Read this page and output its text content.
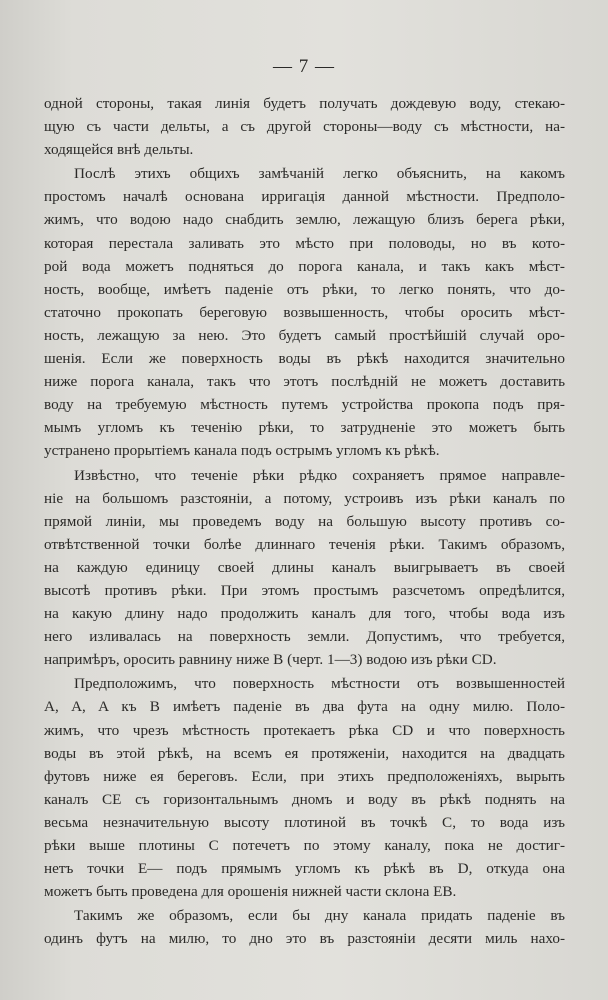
— 7 —
одной стороны, такая линія будетъ получать дождевую воду, стекаю-
щую съ части дельты, а съ другой стороны—воду съ мѣстности, на-
ходящейся внѣ дельты.
Послѣ этихъ общихъ замѣчаній легко объяснить, на какомъ
простомъ началѣ основана ирригація данной мѣстности. Предполо-
жимъ, что водою надо снабдить землю, лежащую близъ берега рѣки,
которая перестала заливать это мѣсто при половоды, но въ кото-
рой вода можетъ подняться до порога канала, и такъ какъ мѣст-
ность, вообще, имѣетъ паденіе отъ рѣки, то легко понять, что до-
статочно прокопать береговую возвышенность, чтобы оросить мѣст-
ность, лежащую за нею. Это будетъ самый простѣйшій случай оро-
шенія. Если же поверхность воды въ рѣкѣ находится значительно
ниже порога канала, такъ что этотъ послѣдній не можетъ доставить
воду на требуемую мѣстность путемъ устройства прокопа подъ пря-
мымъ угломъ къ теченію рѣки, то затрудненіе это можетъ быть
устранено прорытіемъ канала подъ острымъ угломъ къ рѣкѣ.
Извѣстно, что теченіе рѣки рѣдко сохраняетъ прямое направле-
ніе на большомъ разстояніи, а потому, устроивъ изъ рѣки каналъ по
прямой линіи, мы проведемъ воду на большую высоту противъ со-
отвѣтственной точки болѣе длиннаго теченія рѣки. Такимъ образомъ,
на каждую единицу своей длины каналъ выигрываетъ въ своей
высотѣ противъ рѣки. При этомъ простымъ разсчетомъ опредѣлится,
на какую длину надо продолжить каналъ для того, чтобы вода изъ
него изливалась на поверхность земли. Допустимъ, что требуется,
напримѣръ, оросить равнину ниже B (черт. 1—3) водою изъ рѣки CD.
Предположимъ, что поверхность мѣстности отъ возвышенностей
A, A, A къ B имѣетъ паденіе въ два фута на одну милю. Поло-
жимъ, что чрезъ мѣстность протекаетъ рѣка CD и что поверхность
воды въ этой рѣкѣ, на всемъ ея протяженіи, находится на двадцать
футовъ ниже ея береговъ. Если, при этихъ предположеніяхъ, вырыть
каналъ CE съ горизонтальнымъ дномъ и воду въ рѣкѣ поднять на
весьма незначительную высоту плотиной въ точкѣ C, то вода изъ
рѣки выше плотины C потечетъ по этому каналу, пока не достиг-
нетъ точки E— подъ прямымъ угломъ къ рѣкѣ въ D, откуда она
можетъ быть проведена для орошенія нижней части склона EB.
Такимъ же образомъ, если бы дну канала придать паденіе въ
одинъ футъ на милю, то дно это въ разстояніи десяти миль нахо-
